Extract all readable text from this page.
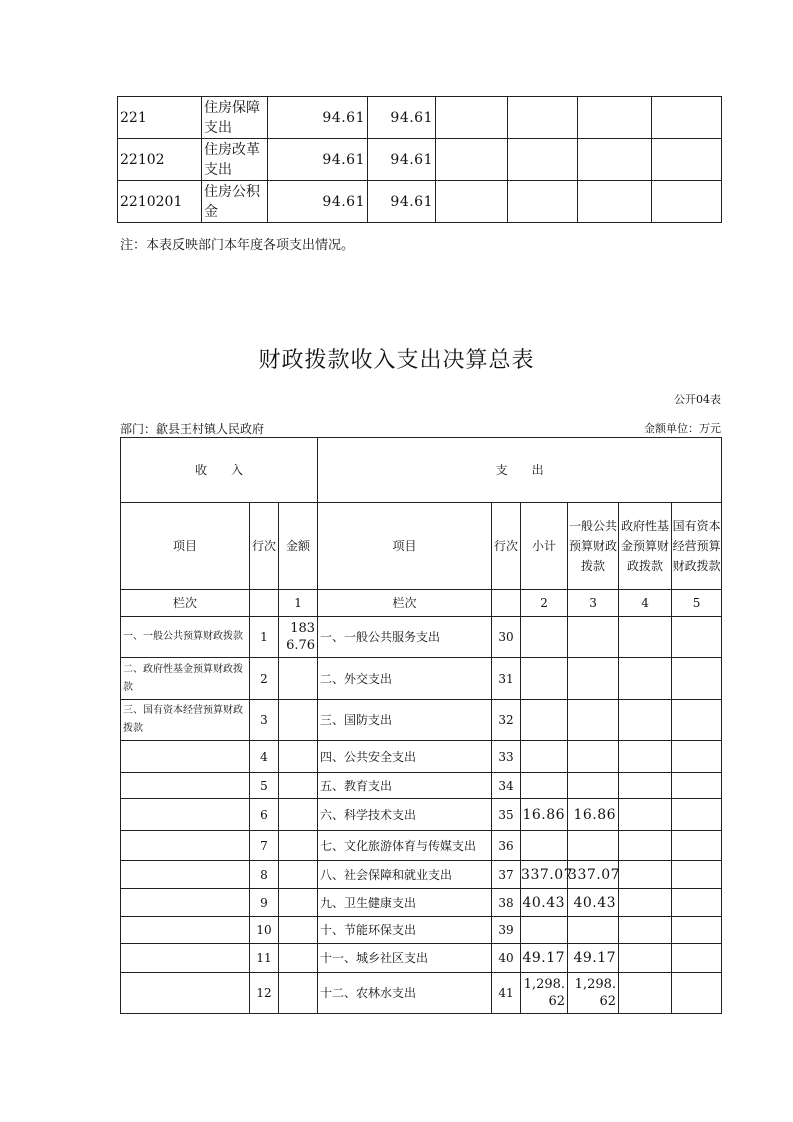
221	住房保障支出	94.61	94.61				
22102	住房改革支出	94.61	94.61				
2210201	住房公积金	94.61	94.61				
注：本表反映部门本年度各项支出情况。
财政拨款收入支出决算总表
公开04表
部门：歙县王村镇人民政府	金额单位：万元
收　　入			支　　出					
项目	行次	金额	项目	行次	小计	一般公共预算财政拨款	政府性基金预算财政拨款	国有资本经营预算财政拨款
栏次		1	栏次		2	3	4	5
一、一般公共预算财政拨款	1	1836.76	一、一般公共服务支出	30				
二、政府性基金预算财政拨款	2		二、外交支出	31				
三、国有资本经营预算财政拨款	3		三、国防支出	32				
	4		四、公共安全支出	33				
	5		五、教育支出	34				
	6		六、科学技术支出	35	16.86	16.86		
	7		七、文化旅游体育与传媒支出	36				
	8		八、社会保障和就业支出	37	337.07	337.07		
	9		九、卫生健康支出	38	40.43	40.43		
	10		十、节能环保支出	39				
	11		十一、城乡社区支出	40	49.17	49.17		
	12		十二、农林水支出	41	1,298.62	1,298.62		
